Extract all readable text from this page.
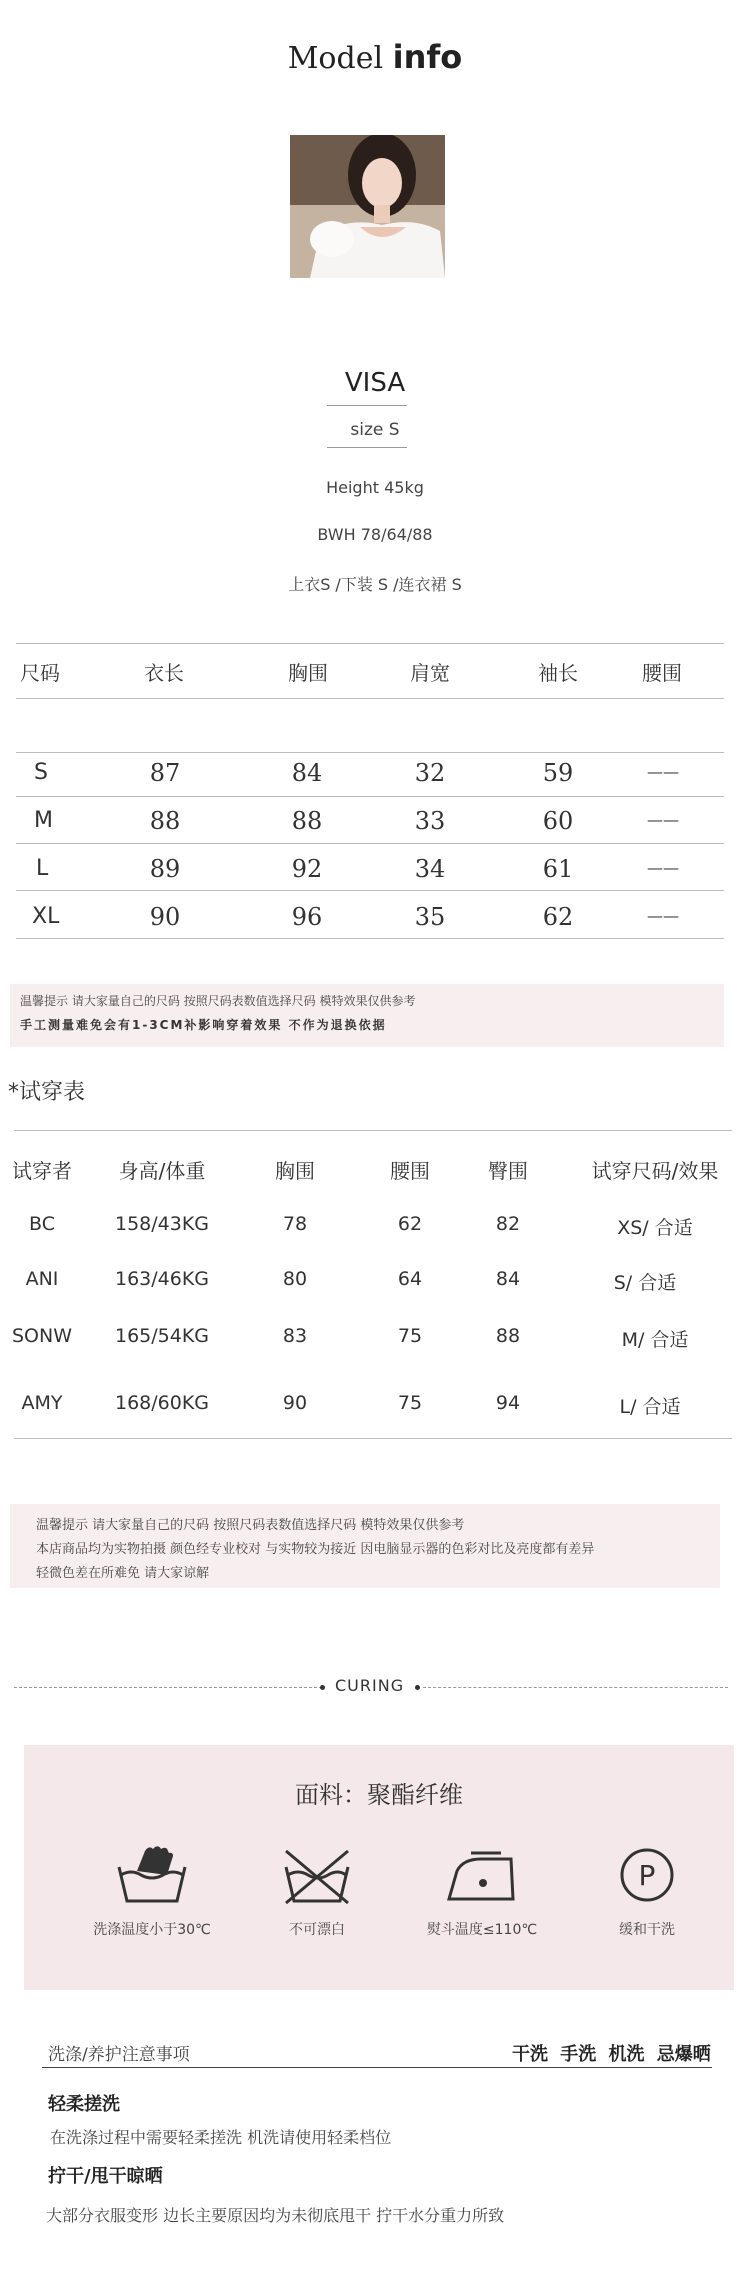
Model info
VISA
size S
Height 45kg
BWH 78/64/88
上衣S /下装 S /连衣裙 S
尺码	衣长	胸围	肩宽	袖长	腰围
S	87	84	32	59	——
M	88	88	33	60	——
L	89	92	34	61	——
XL	90	96	35	62	——
温馨提示 请大家量自己的尺码 按照尺码表数值选择尺码 模特效果仅供参考
手工测量难免会有1-3CM补影响穿着效果 不作为退换依据
*试穿表
试穿者	身高/体重	胸围	腰围	臀围	试穿尺码/效果
BC	158/43KG	78	62	82	XS/ 合适
ANI	163/46KG	80	64	84	S/ 合适
SONW	165/54KG	83	75	88	M/ 合适
AMY	168/60KG	90	75	94	L/ 合适
温馨提示 请大家量自己的尺码 按照尺码表数值选择尺码 模特效果仅供参考
本店商品均为实物拍摄 颜色经专业校对 与实物较为接近 因电脑显示器的色彩对比及亮度都有差异
轻微色差在所难免 请大家谅解
CURING
面料：聚酯纤维
洗涤温度小于30℃	不可漂白	熨斗温度≤110℃
P
缓和干洗
洗涤/养护注意事项	干洗 手洗 机洗 忌爆晒
轻柔搓洗
在洗涤过程中需要轻柔搓洗 机洗请使用轻柔档位
拧干/甩干晾晒
大部分衣服变形 边长主要原因均为未彻底甩干 拧干水分重力所致
